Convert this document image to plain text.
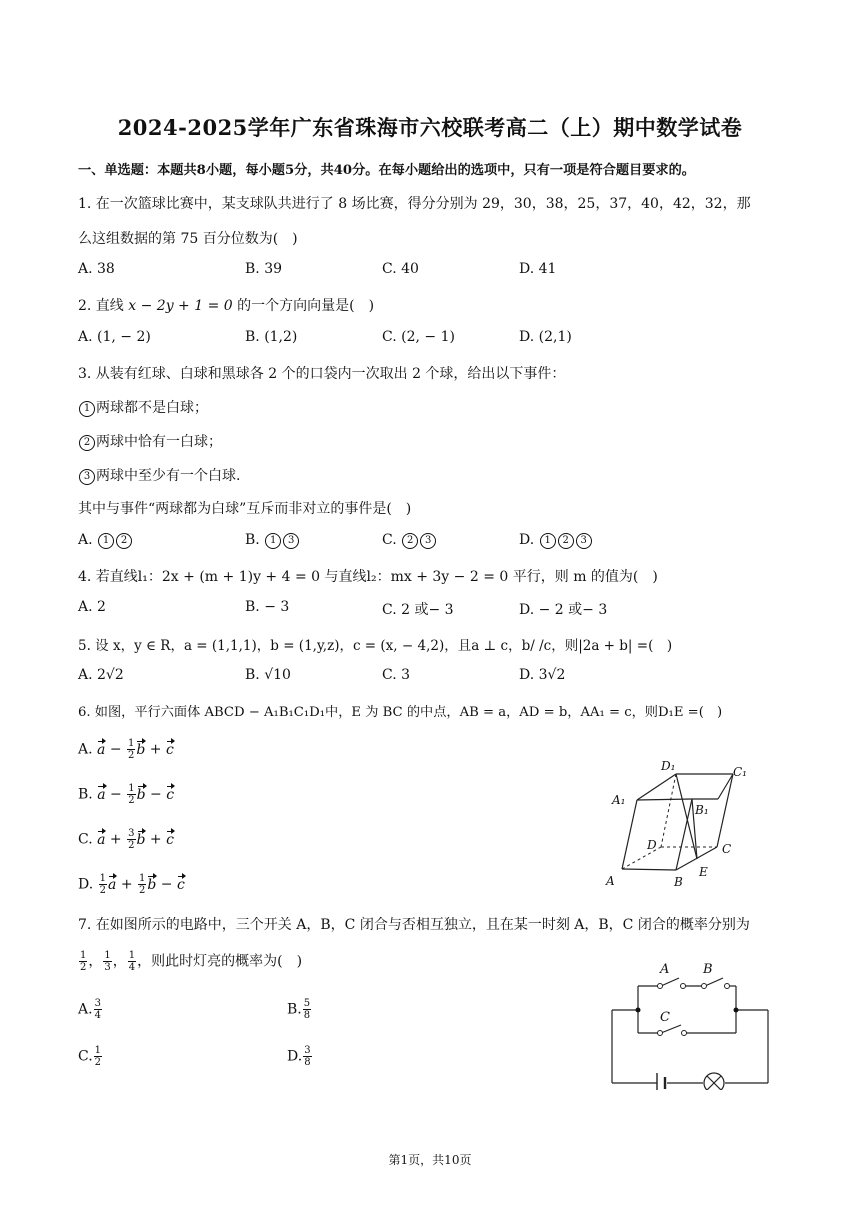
2024-2025学年广东省珠海市六校联考高二（上）期中数学试卷
一、单选题：本题共8小题，每小题5分，共40分。在每小题给出的选项中，只有一项是符合题目要求的。
1. 在一次篮球比赛中，某支球队共进行了 8 场比赛，得分分别为 29，30，38，25，37，40，42，32，那
么这组数据的第 75 百分位数为(　)
A. 38	B. 39	C. 40	D. 41
2. 直线 x − 2y + 1 = 0 的一个方向向量是(　)
A. (1, − 2)	B. (1,2)	C. (2, − 1)	D. (2,1)
3. 从装有红球、白球和黑球各 2 个的口袋内一次取出 2 个球，给出以下事件：
1 两球都不是白球；
2 两球中恰有一白球；
3 两球中至少有一个白球.
其中与事件“两球都为白球”互斥而非对立的事件是(　)
A. 1 2	B. 1 3	C. 2 3	D. 1 2 3
4. 若直线l₁：2x + (m + 1)y + 4 = 0 与直线l₂：mx + 3y − 2 = 0 平行，则 m 的值为(　)
A. 2	B. − 3	C. 2 或− 3	D. − 2 或− 3
5. 设 x，y ∈ R，a = (1,1,1)，b = (1,y,z)，c = (x, − 4,2)，且a ⊥ c，b/ /c，则|2a + b| =(　)
A. 2√2	B. √10	C. 3	D. 3√2
6. 如图，平行六面体 ABCD − A₁B₁C₁D₁中，E 为 BC 的中点，AB = a，AD = b，AA₁ = c，则D₁E =(　)
A. $a - \frac{1}{2}$ b + c
B. $a - \frac{1}{2}$ b − c
C. $a + \frac{3}{2}$ b + c
D. $\frac{1}{2}$ $a + \frac{1}{2}$ b − c
D₁	C₁
A₁
B₁
D	C
A	B
E
7. 在如图所示的电路中，三个开关 A，B，C 闭合与否相互独立，且在某一时刻 A，B，C 闭合的概率分别为
$\frac{1}{2}$ ， $\frac{1}{3}$ ， $\frac{1}{4}$ ，则此时灯亮的概率为(　)
A. $\frac{3}{4}$	B. $\frac{5}{8}$
C. $\frac{1}{2}$	D. $\frac{3}{8}$
A	B
C
第1页，共10页
